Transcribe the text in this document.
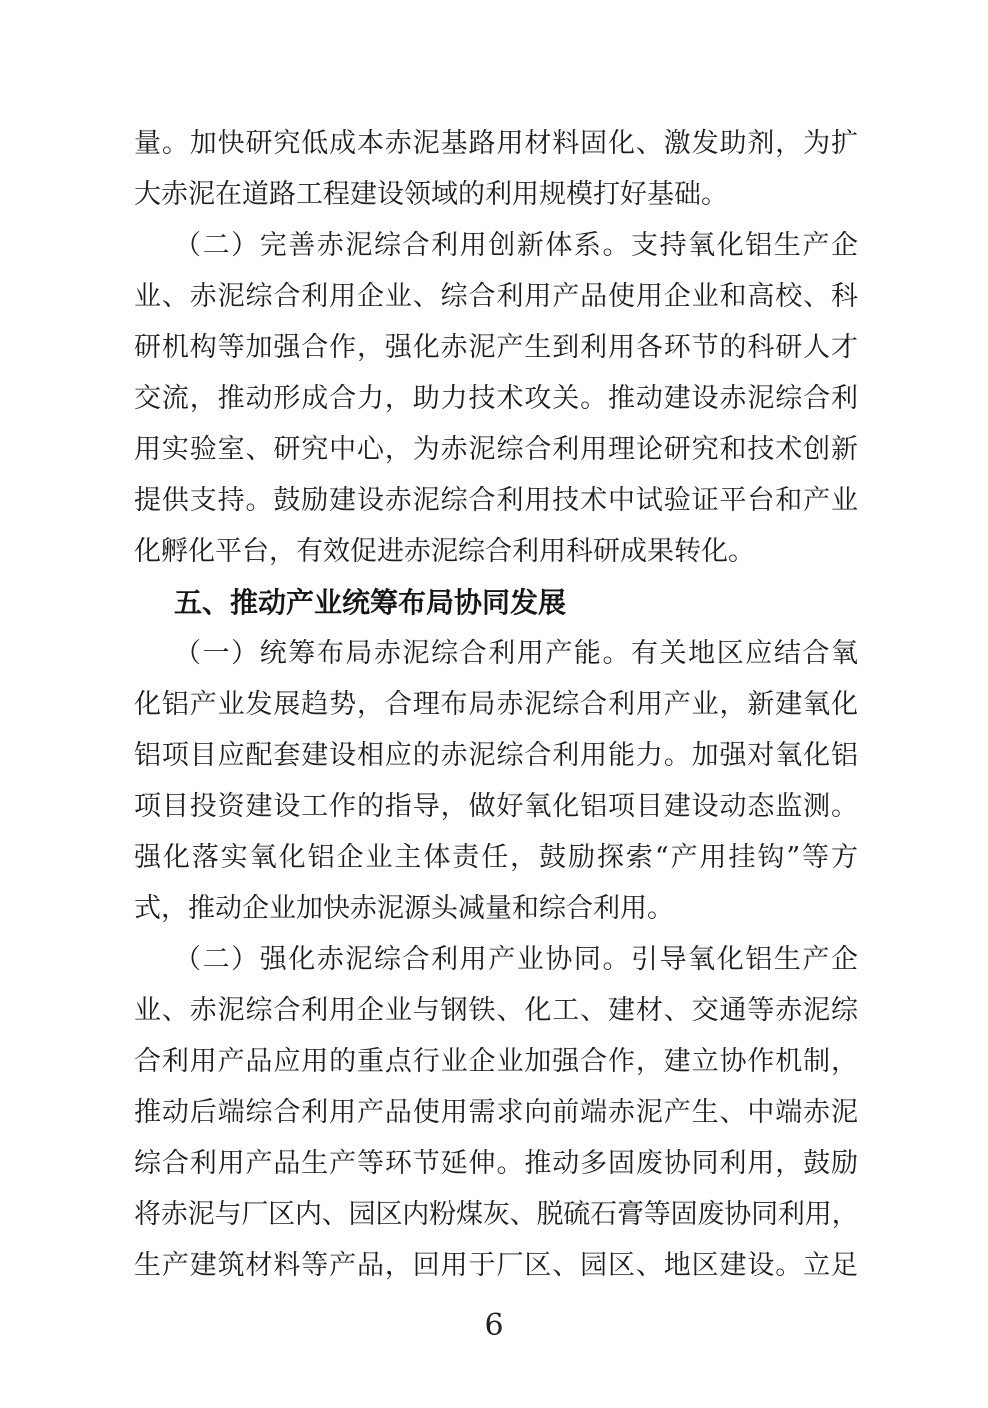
量。加快研究低成本赤泥基路用材料固化、激发助剂，为扩
大赤泥在道路工程建设领域的利用规模打好基础。
（二）完善赤泥综合利用创新体系。支持氧化铝生产企
业、赤泥综合利用企业、综合利用产品使用企业和高校、科
研机构等加强合作，强化赤泥产生到利用各环节的科研人才
交流，推动形成合力，助力技术攻关。推动建设赤泥综合利
用实验室、研究中心，为赤泥综合利用理论研究和技术创新
提供支持。鼓励建设赤泥综合利用技术中试验证平台和产业
化孵化平台，有效促进赤泥综合利用科研成果转化。
五、推动产业统筹布局协同发展
（一）统筹布局赤泥综合利用产能。有关地区应结合氧
化铝产业发展趋势，合理布局赤泥综合利用产业，新建氧化
铝项目应配套建设相应的赤泥综合利用能力。加强对氧化铝
项目投资建设工作的指导，做好氧化铝项目建设动态监测。
强化落实氧化铝企业主体责任，鼓励探索“产用挂钩”等方
式，推动企业加快赤泥源头减量和综合利用。
（二）强化赤泥综合利用产业协同。引导氧化铝生产企
业、赤泥综合利用企业与钢铁、化工、建材、交通等赤泥综
合利用产品应用的重点行业企业加强合作，建立协作机制，
推动后端综合利用产品使用需求向前端赤泥产生、中端赤泥
综合利用产品生产等环节延伸。推动多固废协同利用，鼓励
将赤泥与厂区内、园区内粉煤灰、脱硫石膏等固废协同利用，
生产建筑材料等产品，回用于厂区、园区、地区建设。立足
6
